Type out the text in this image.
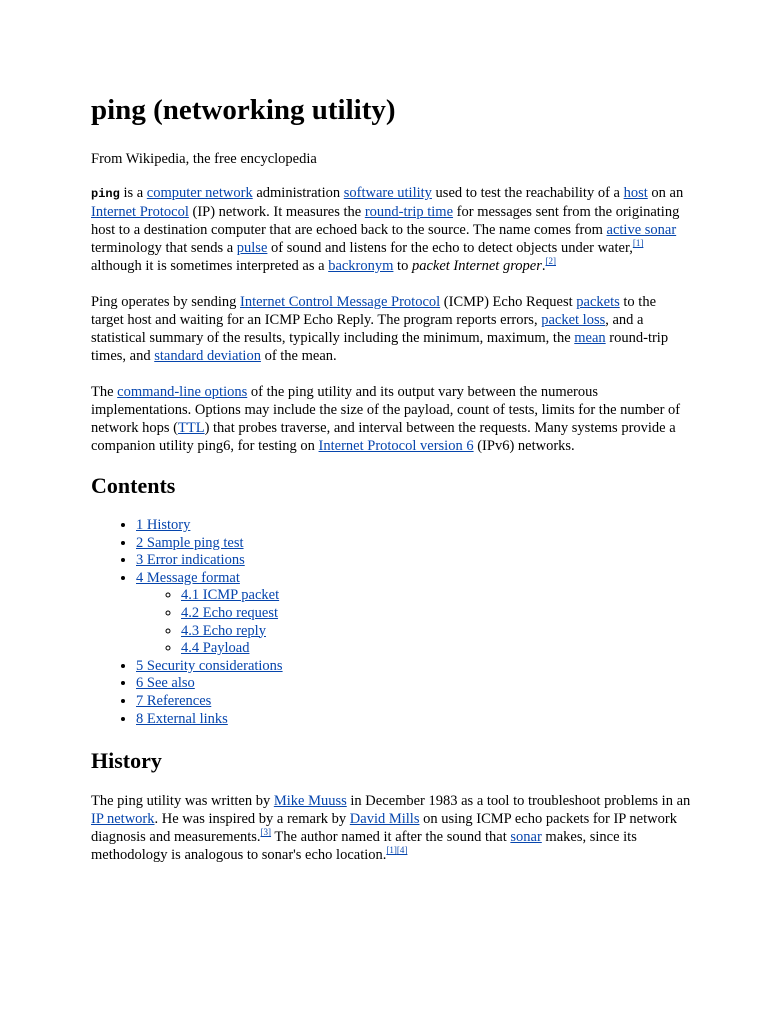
ping (networking utility)
From Wikipedia, the free encyclopedia

ping is a computer network administration software utility used to test the reachability of a host on an Internet Protocol (IP) network. It measures the round-trip time for messages sent from the originating host to a destination computer that are echoed back to the source. The name comes from active sonar terminology that sends a pulse of sound and listens for the echo to detect objects under water,[1] although it is sometimes interpreted as a backronym to packet Internet groper.[2]

Ping operates by sending Internet Control Message Protocol (ICMP) Echo Request packets to the target host and waiting for an ICMP Echo Reply. The program reports errors, packet loss, and a statistical summary of the results, typically including the minimum, maximum, the mean round-trip times, and standard deviation of the mean.

The command-line options of the ping utility and its output vary between the numerous implementations. Options may include the size of the payload, count of tests, limits for the number of network hops (TTL) that probes traverse, and interval between the requests. Many systems provide a companion utility ping6, for testing on Internet Protocol version 6 (IPv6) networks.

Contents
• 1 History
• 2 Sample ping test
• 3 Error indications
• 4 Message format
◦ 4.1 ICMP packet
◦ 4.2 Echo request
◦ 4.3 Echo reply
◦ 4.4 Payload
• 5 Security considerations
• 6 See also
• 7 References
• 8 External links
History

The ping utility was written by Mike Muuss in December 1983 as a tool to troubleshoot problems in an IP network. He was inspired by a remark by David Mills on using ICMP echo packets for IP network diagnosis and measurements.[3] The author named it after the sound that sonar makes, since its methodology is analogous to sonar's echo location.[1][4]
